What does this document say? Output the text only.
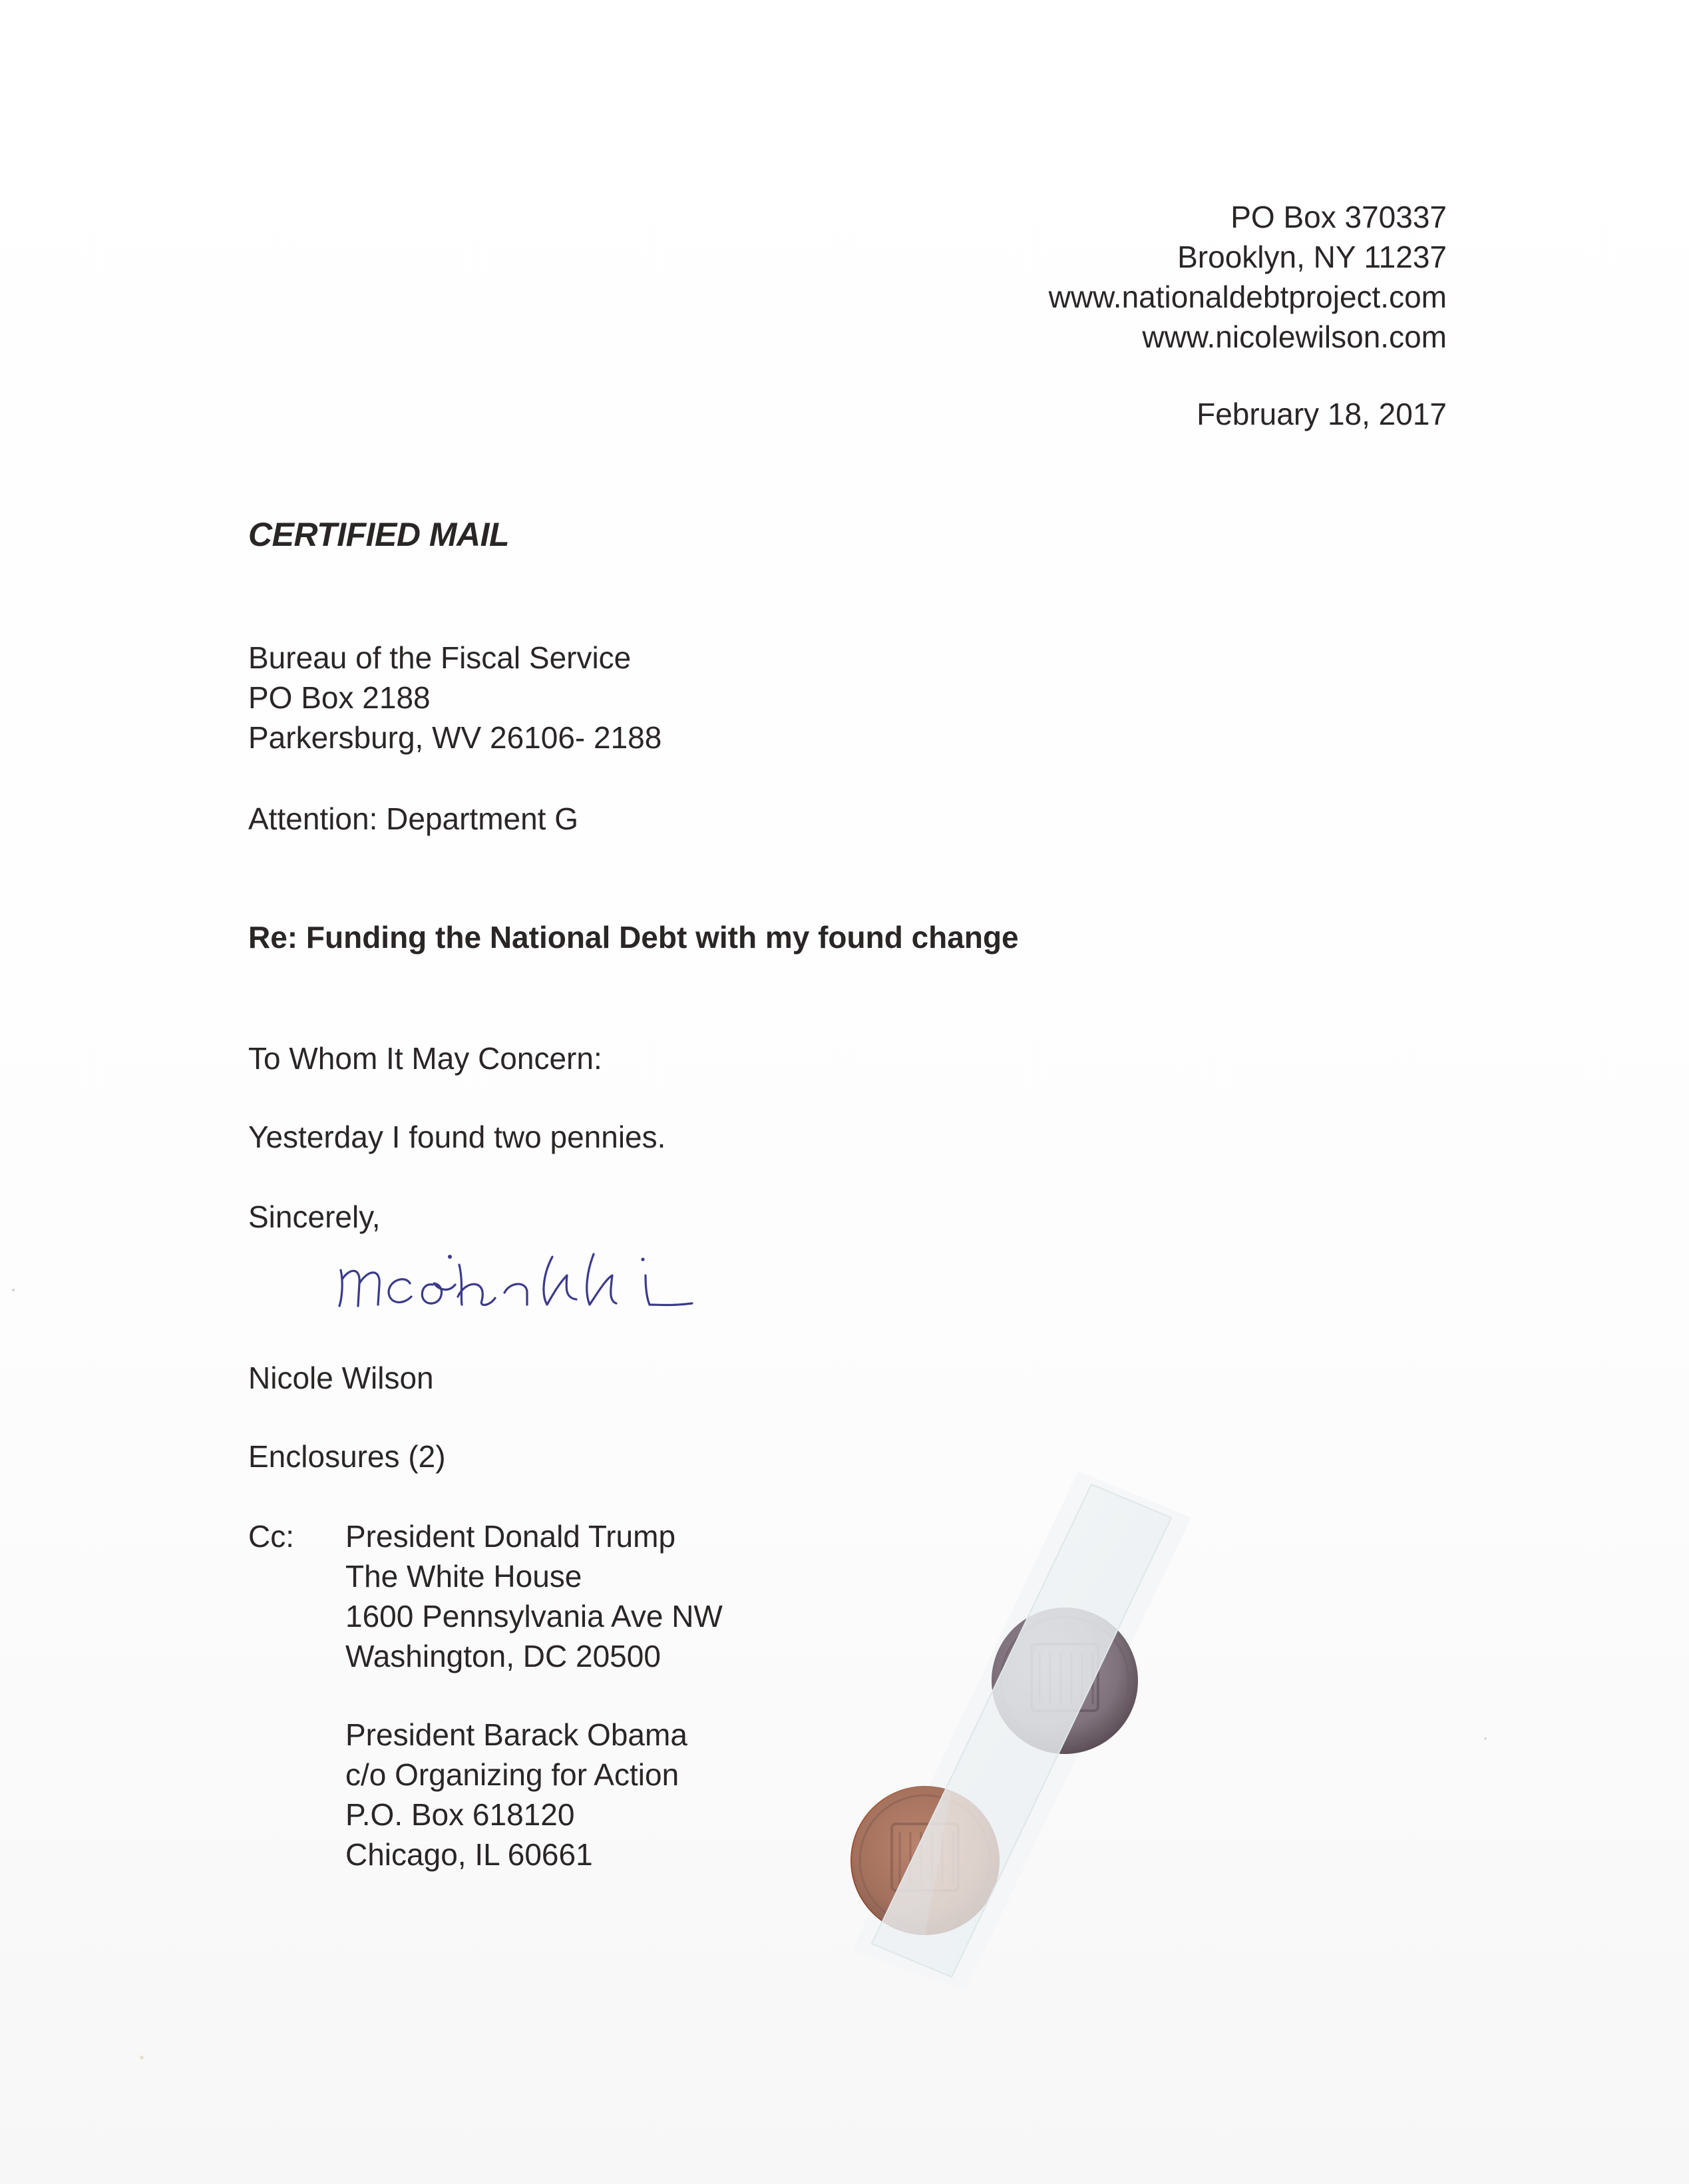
PO Box 370337
Brooklyn, NY 11237
www.nationaldebtproject.com
www.nicolewilson.com
February 18, 2017
CERTIFIED MAIL
Bureau of the Fiscal Service
PO Box 2188
Parkersburg, WV 26106- 2188
Attention: Department G
Re: Funding the National Debt with my found change
To Whom It May Concern:
Yesterday I found two pennies.
Sincerely,
Nicole Wilson
Enclosures (2)
Cc: President Donald Trump
The White House
1600 Pennsylvania Ave NW
Washington, DC 20500
President Barack Obama
c/o Organizing for Action
P.O. Box 618120
Chicago, IL 60661
